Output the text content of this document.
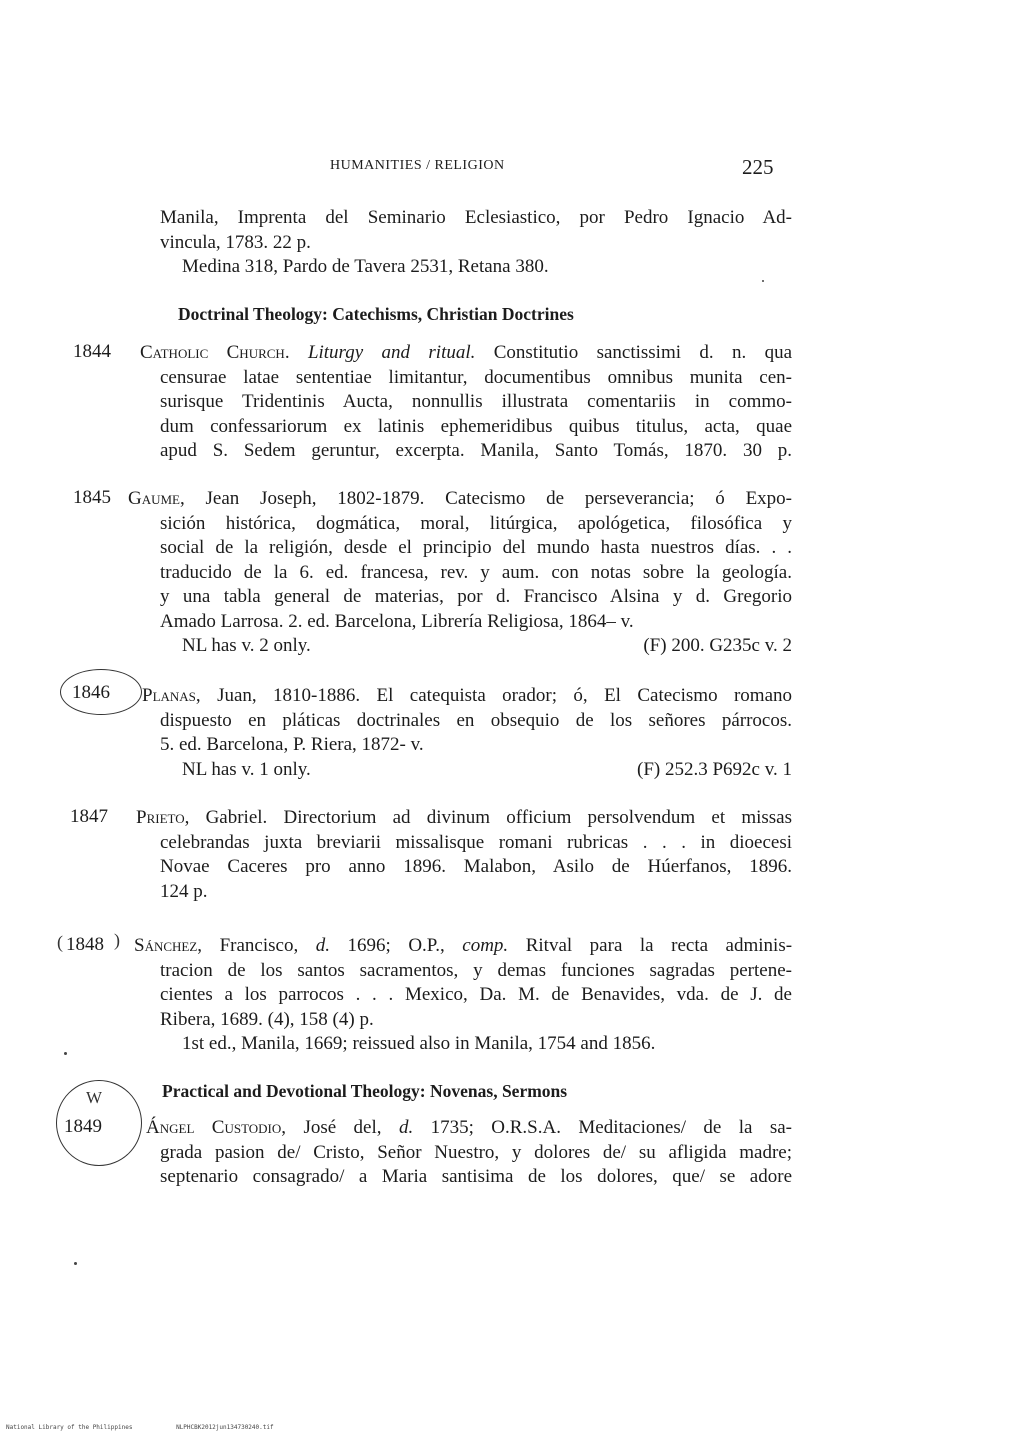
HUMANITIES / RELIGION	225
Manila, Imprenta del Seminario Eclesiastico, por Pedro Ignacio Ad-
vincula, 1783. 22 p.
Medina 318, Pardo de Tavera 2531, Retana 380.
Doctrinal Theology: Catechisms, Christian Doctrines
1844 Catholic Church. Liturgy and ritual. Constitutio sanctissimi d. n. qua
censurae latae sententiae limitantur, documentibus omnibus munita cen-
surisque Tridentinis Aucta, nonnullis illustrata comentariis in commo-
dum confessariorum ex latinis ephemeridibus quibus titulus, acta, quae
apud S. Sedem geruntur, excerpta. Manila, Santo Tomás, 1870. 30 p.
1845 Gaume, Jean Joseph, 1802-1879. Catecismo de perseverancia; ó Expo-
sición histórica, dogmática, moral, litúrgica, apológetica, filosófica y
social de la religión, desde el principio del mundo hasta nuestros días. . .
traducido de la 6. ed. francesa, rev. y aum. con notas sobre la geología.
y una tabla general de materias, por d. Francisco Alsina y d. Gregorio
Amado Larrosa. 2. ed. Barcelona, Librería Religiosa, 1864– v.
NL has v. 2 only.	(F) 200. G235c v. 2
1846 Planas, Juan, 1810-1886. El catequista orador; ó, El Catecismo romano
dispuesto en pláticas doctrinales en obsequio de los señores párrocos.
5. ed. Barcelona, P. Riera, 1872- v.
NL has v. 1 only.	(F) 252.3 P692c v. 1
1847 Prieto, Gabriel. Directorium ad divinum officium persolvendum et missas
celebrandas juxta breviarii missalisque romani rubricas . . . in dioecesi
Novae Caceres pro anno 1896. Malabon, Asilo de Húerfanos, 1896.
124 p.
( 1848 ) Sánchez, Francisco, d. 1696; O.P., comp. Ritval para la recta adminis-
tracion de los santos sacramentos, y demas funciones sagradas pertene-
cientes a los parrocos . . . Mexico, Da. M. de Benavides, vda. de J. de
Ribera, 1689. (4), 158 (4) p.
1st ed., Manila, 1669; reissued also in Manila, 1754 and 1856.
Practical and Devotional Theology: Novenas, Sermons
W
1849 Ángel Custodio, José del, d. 1735; O.R.S.A. Meditaciones/ de la sa-
grada pasion de/ Cristo, Señor Nuestro, y dolores de/ su afligida madre;
septenario consagrado/ a Maria santisima de los dolores, que/ se adore
National Library of the Philippines	NLPHCBK2012jun134730240.tif
